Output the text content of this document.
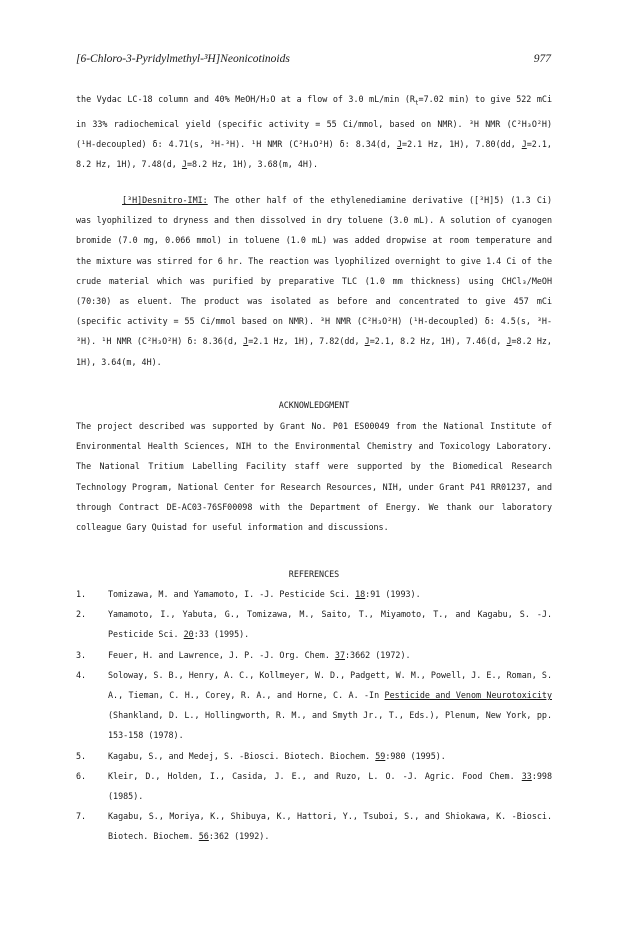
[6-Chloro-3-Pyridylmethyl-³H]Neonicotinoids	977

the Vydac LC-18 column and 40% MeOH/H₂O at a flow of 3.0 mL/min ($R_t=7.02$ min) to give 522 mCi in 33% radiochemical yield (specific activity = 55 Ci/mmol, based on NMR). ³H NMR (C²H₃O²H) (¹H-decoupled) δ: 4.71(s, ³H-³H). ¹H NMR (C²H₃O²H) δ: 8.34(d, J=2.1 Hz, 1H), 7.80(dd, J=2.1, 8.2 Hz, 1H), 7.48(d, J=8.2 Hz, 1H), 3.68(m, 4H).

[³H]Desnitro-IMI: The other half of the ethylenediamine derivative ([³H]5) (1.3 Ci) was lyophilized to dryness and then dissolved in dry toluene (3.0 mL). A solution of cyanogen bromide (7.0 mg, 0.066 mmol) in toluene (1.0 mL) was added dropwise at room temperature and the mixture was stirred for 6 hr. The reaction was lyophilized overnight to give 1.4 Ci of the crude material which was purified by preparative TLC (1.0 mm thickness) using CHCl₃/MeOH (70:30) as eluent. The product was isolated as before and concentrated to give 457 mCi (specific activity = 55 Ci/mmol based on NMR). ³H NMR (C²H₃O²H) (¹H-decoupled) δ: 4.5(s, ³H-³H). ¹H NMR (C²H₃O²H) δ: 8.36(d, J=2.1 Hz, 1H), 7.82(dd, J=2.1, 8.2 Hz, 1H), 7.46(d, J=8.2 Hz, 1H), 3.64(m, 4H).

ACKNOWLEDGMENT

The project described was supported by Grant No. P01 ES00049 from the National Institute of Environmental Health Sciences, NIH to the Environmental Chemistry and Toxicology Laboratory. The National Tritium Labelling Facility staff were supported by the Biomedical Research Technology Program, National Center for Research Resources, NIH, under Grant P41 RR01237, and through Contract DE-AC03-76SF00098 with the Department of Energy. We thank our laboratory colleague Gary Quistad for useful information and discussions.

REFERENCES
1.	Tomizawa, M. and Yamamoto, I. -J. Pesticide Sci. 18:91 (1993).
2.	Yamamoto, I., Yabuta, G., Tomizawa, M., Saito, T., Miyamoto, T., and Kagabu, S. -J. Pesticide Sci. 20:33 (1995).
3.	Feuer, H. and Lawrence, J. P. -J. Org. Chem. 37:3662 (1972).
4.	Soloway, S. B., Henry, A. C., Kollmeyer, W. D., Padgett, W. M., Powell, J. E., Roman, S. A., Tieman, C. H., Corey, R. A., and Horne, C. A. -In Pesticide and Venom Neurotoxicity (Shankland, D. L., Hollingworth, R. M., and Smyth Jr., T., Eds.), Plenum, New York, pp. 153-158 (1978).
5.	Kagabu, S., and Medej, S. -Biosci. Biotech. Biochem. 59:980 (1995).
6.	Kleir, D., Holden, I., Casida, J. E., and Ruzo, L. O. -J. Agric. Food Chem. 33:998 (1985).
7.	Kagabu, S., Moriya, K., Shibuya, K., Hattori, Y., Tsuboi, S., and Shiokawa, K. -Biosci. Biotech. Biochem. 56:362 (1992).
